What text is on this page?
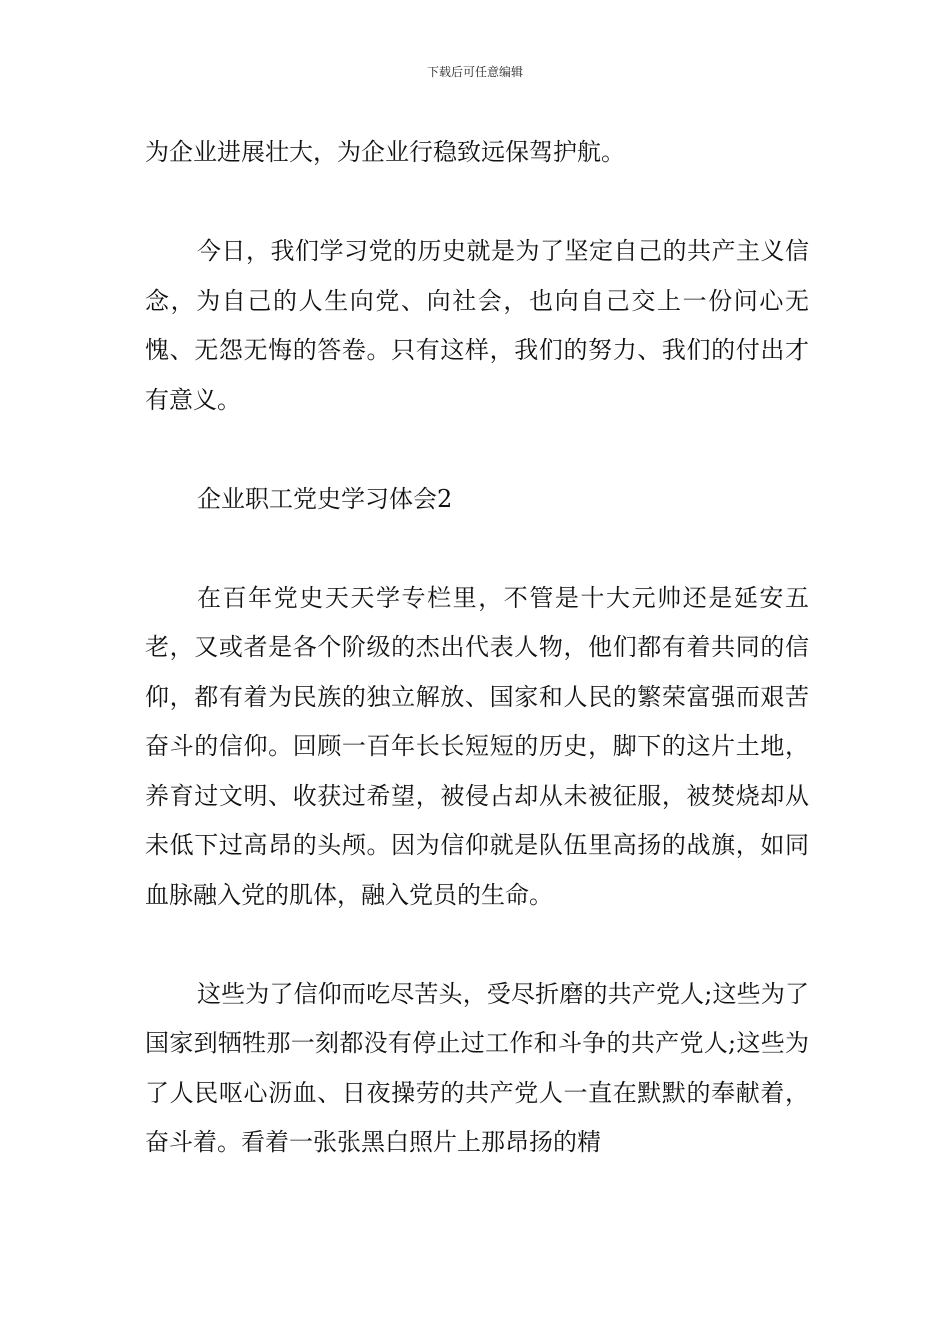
下载后可任意编辑

为企业进展壮大，为企业行稳致远保驾护航。

今日，我们学习党的历史就是为了坚定自己的共产主义信念，为自己的人生向党、向社会，也向自己交上一份问心无愧、无怨无悔的答卷。只有这样，我们的努力、我们的付出才有意义。

企业职工党史学习体会2

在百年党史天天学专栏里，不管是十大元帅还是延安五老，又或者是各个阶级的杰出代表人物，他们都有着共同的信仰，都有着为民族的独立解放、国家和人民的繁荣富强而艰苦奋斗的信仰。回顾一百年长长短短的历史，脚下的这片土地，养育过文明、收获过希望，被侵占却从未被征服，被焚烧却从未低下过高昂的头颅。因为信仰就是队伍里高扬的战旗，如同血脉融入党的肌体，融入党员的生命。

这些为了信仰而吃尽苦头，受尽折磨的共产党人;这些为了国家到牺牲那一刻都没有停止过工作和斗争的共产党人;这些为了人民呕心沥血、日夜操劳的共产党人一直在默默的奉献着，奋斗着。看着一张张黑白照片上那昂扬的精
